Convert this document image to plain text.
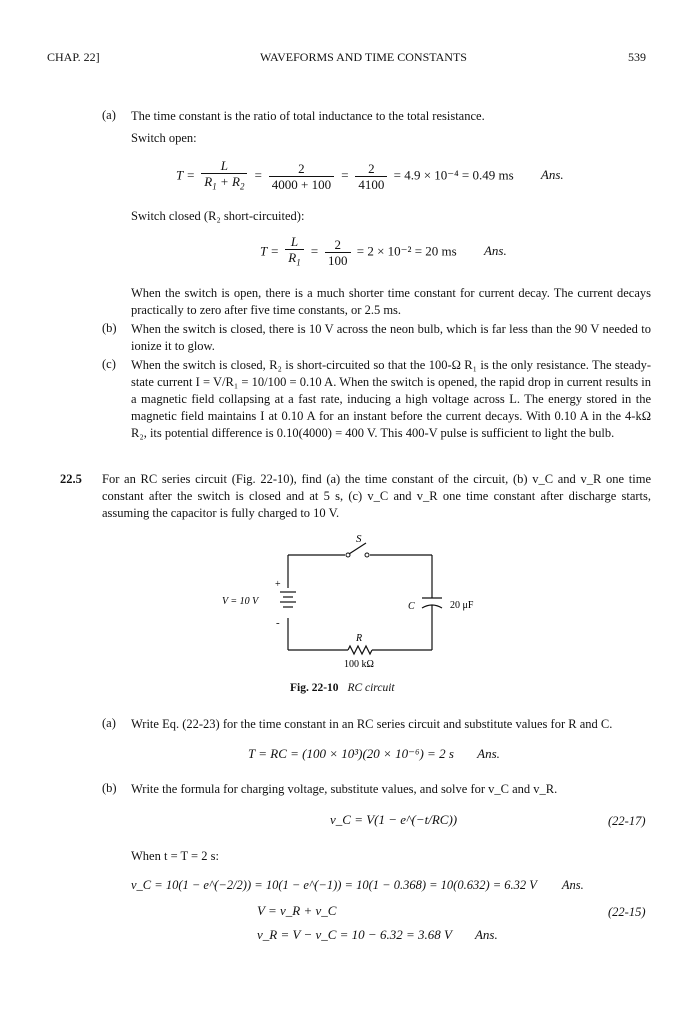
CHAP. 22]	WAVEFORMS AND TIME CONSTANTS	539
(a) The time constant is the ratio of total inductance to the total resistance.
Switch open:
$T = \frac{L}{R_1 + R_2} = \frac{2}{4000 + 100} = \frac{2}{4100} = 4.9 \times 10^{-4} = 0.49$ ms Ans.
Switch closed (R₂ short-circuited):
$T = \frac{L}{R_1} = \frac{2}{100} = 2 \times 10^{-2} = 20$ ms Ans.
When the switch is open, there is a much shorter time constant for current decay. The current decays practically to zero after five time constants, or 2.5 ms.
(b) When the switch is closed, there is 10 V across the neon bulb, which is far less than the 90 V needed to ionize it to glow.
(c) When the switch is closed, R₂ is short-circuited so that the 100-Ω R₁ is the only resistance. The steady-state current I = V/R₁ = 10/100 = 0.10 A. When the switch is opened, the rapid drop in current results in a magnetic field collapsing at a fast rate, inducing a high voltage across L. The energy stored in the magnetic field maintains I at 0.10 A for an instant before the current decays. With 0.10 A in the 4-kΩ R₂, its potential difference is 0.10(4000) = 400 V. This 400-V pulse is sufficient to light the bulb.
22.5 For an RC series circuit (Fig. 22-10), find (a) the time constant of the circuit, (b) v_C and v_R one time constant after the switch is closed and at 5 s, (c) v_C and v_R one time constant after discharge starts, assuming the capacitor is fully charged to 10 V.
S
+
-
V = 10 V	C	20 μF
R
100 kΩ
Fig. 22-10 RC circuit
(a) Write Eq. (22-23) for the time constant in an RC series circuit and substitute values for R and C.
T = RC = (100 × 10³)(20 × 10⁻⁶) = 2 s Ans.
(b) Write the formula for charging voltage, substitute values, and solve for v_C and v_R.
v_C = V(1 − e^(−t/RC))	(22-17)
When t = T = 2 s:
v_C = 10(1 − e^(−2/2)) = 10(1 − e^(−1)) = 10(1 − 0.368) = 10(0.632) = 6.32 V Ans.
V = v_R + v_C	(22-15)
v_R = V − v_C = 10 − 6.32 = 3.68 V Ans.
